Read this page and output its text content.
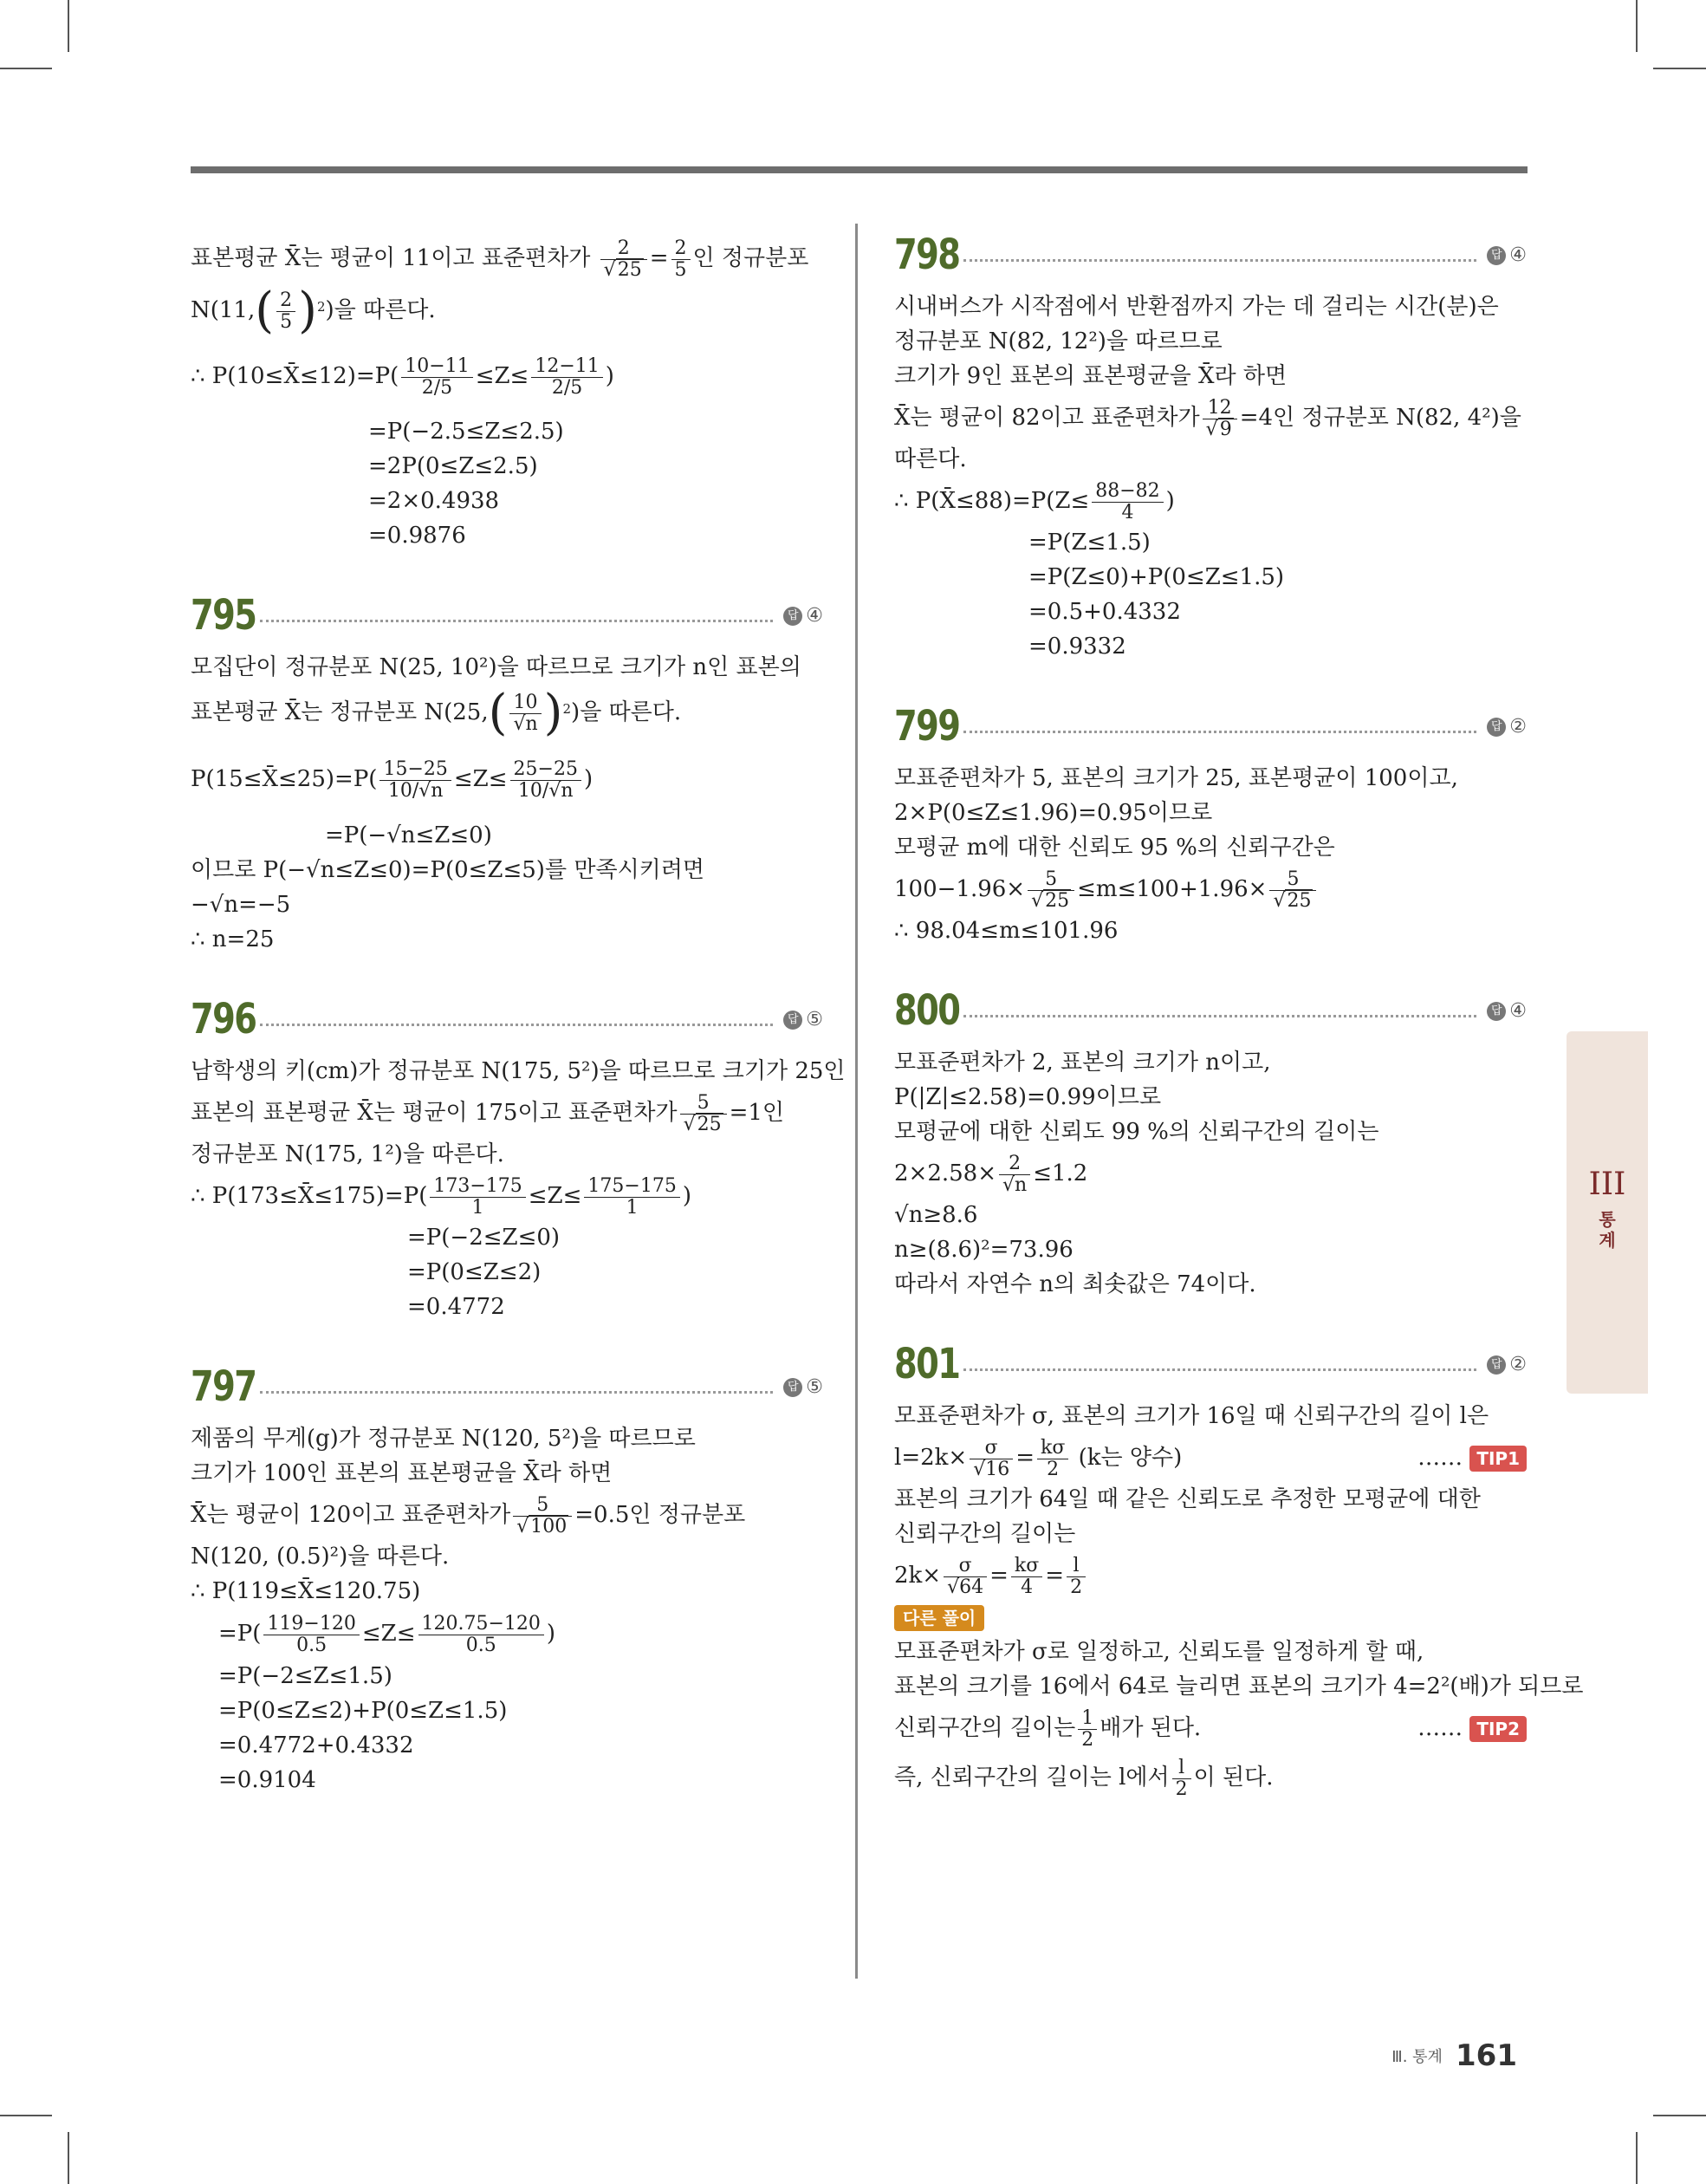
표본평균 X̄는 평균이 11이고 표준편차가 $\frac{2}{√25} = \frac{2}{5}$ 인 정규분포
$N(11,( \frac{2}{5} )^2)$을 따른다.
∴ P(10≤X̄≤12)=P( $\frac{10-11}{2/5} \le Z\le \frac{12-11}{2/5}$ )
=P(−2.5≤Z≤2.5)
=2P(0≤Z≤2.5)
=2×0.4938
=0.9876
795	답 ④
모집단이 정규분포 N(25, 10²)을 따르므로 크기가 n인 표본의
표본평균 X̄는 정규분포 $N(25,( \frac{10}{√n} )^2)$을 따른다.
P(15≤X̄≤25)=P( $\frac{15-25}{10/√n} \le Z\le \frac{25-25}{10/√n}$ )
=P(−√n≤Z≤0)
이므로 P(−√n≤Z≤0)=P(0≤Z≤5)를 만족시키려면
−√n=−5
∴ n=25
796	답 ⑤
남학생의 키(cm)가 정규분포 N(175, 5²)을 따르므로 크기가 25인
표본의 표본평균 X̄는 평균이 175이고 표준편차가 $\frac{5}{√25} =1$인
정규분포 N(175, 1²)을 따른다.
∴ P(173≤X̄≤175)=P( $\frac{173-175}{1} \le Z\le \frac{175-175}{1}$ )
=P(−2≤Z≤0)
=P(0≤Z≤2)
=0.4772
797	답 ⑤
제품의 무게(g)가 정규분포 N(120, 5²)을 따르므로
크기가 100인 표본의 표본평균을 X̄라 하면
X̄는 평균이 120이고 표준편차가 $\frac{5}{√100} =0.5$인 정규분포
N(120, (0.5)²)을 따른다.
∴ P(119≤X̄≤120.75)
$=P( \frac{119-120}{0.5} \le Z\le \frac{120.75-120}{0.5}$ )
=P(−2≤Z≤1.5)
=P(0≤Z≤2)+P(0≤Z≤1.5)
=0.4772+0.4332
=0.9104
798	답 ④
시내버스가 시작점에서 반환점까지 가는 데 걸리는 시간(분)은
정규분포 N(82, 12²)을 따르므로
크기가 9인 표본의 표본평균을 X̄라 하면
X̄는 평균이 82이고 표준편차가 $\frac{12}{√9} =4$인 정규분포 N(82, 4²)을
따른다.
∴ P(X̄≤88)=P(Z≤ $\frac{88-82}{4}$ )
=P(Z≤1.5)
=P(Z≤0)+P(0≤Z≤1.5)
=0.5+0.4332
=0.9332
799	답 ②
모표준편차가 5, 표본의 크기가 25, 표본평균이 100이고,
2×P(0≤Z≤1.96)=0.95이므로
모평균 m에 대한 신뢰도 95 %의 신뢰구간은
$100-1.96\times \frac{5}{√25} \le m\le 100+1.96\times \frac{5}{√25}$
∴ 98.04≤m≤101.96
800	답 ④
모표준편차가 2, 표본의 크기가 n이고,
P(|Z|≤2.58)=0.99이므로
모평균에 대한 신뢰도 99 %의 신뢰구간의 길이는
$2\times 2.58\times \frac{2}{√n} \le 1.2$
√n≥8.6
n≥(8.6)²=73.96
따라서 자연수 n의 최솟값은 74이다.
801	답 ②
모표준편차가 σ, 표본의 크기가 16일 때 신뢰구간의 길이 l은
$l=2k\times \frac{\sigma}{√16} = \frac{k\sigma}{2} (k$는 양수)	…… TIP1
표본의 크기가 64일 때 같은 신뢰도로 추정한 모평균에 대한
신뢰구간의 길이는
$2k\times \frac{\sigma}{√64} = \frac{k\sigma}{4} = \frac{l}{2}$
다른 풀이
모표준편차가 σ로 일정하고, 신뢰도를 일정하게 할 때,
표본의 크기를 16에서 64로 늘리면 표본의 크기가 4=2²(배)가 되므로
신뢰구간의 길이는 $\frac{1}{2}$ 배가 된다.	…… TIP2
즉, 신뢰구간의 길이는 l에서 $\frac{l}{2}$ 이 된다.
III
통
계
Ⅲ. 통계 161
